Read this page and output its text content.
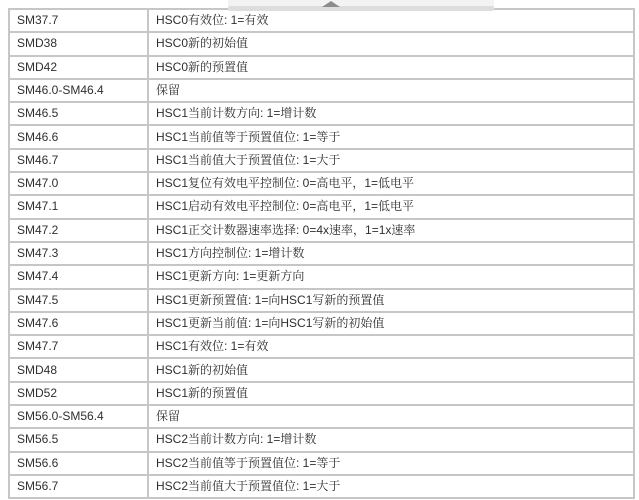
SM37.7	HSC0有效位: 1=有效
SMD38	HSC0新的初始值
SMD42	HSC0新的预置值
SM46.0-SM46.4	保留
SM46.5	HSC1当前计数方向: 1=增计数
SM46.6	HSC1当前值等于预置值位: 1=等于
SM46.7	HSC1当前值大于预置值位: 1=大于
SM47.0	HSC1复位有效电平控制位: 0=高电平，1=低电平
SM47.1	HSC1启动有效电平控制位: 0=高电平，1=低电平
SM47.2	HSC1正交计数器速率选择: 0=4x速率，1=1x速率
SM47.3	HSC1方向控制位: 1=增计数
SM47.4	HSC1更新方向: 1=更新方向
SM47.5	HSC1更新预置值: 1=向HSC1写新的预置值
SM47.6	HSC1更新当前值: 1=向HSC1写新的初始值
SM47.7	HSC1有效位: 1=有效
SMD48	HSC1新的初始值
SMD52	HSC1新的预置值
SM56.0-SM56.4	保留
SM56.5	HSC2当前计数方向: 1=增计数
SM56.6	HSC2当前值等于预置值位: 1=等于
SM56.7	HSC2当前值大于预置值位: 1=大于
